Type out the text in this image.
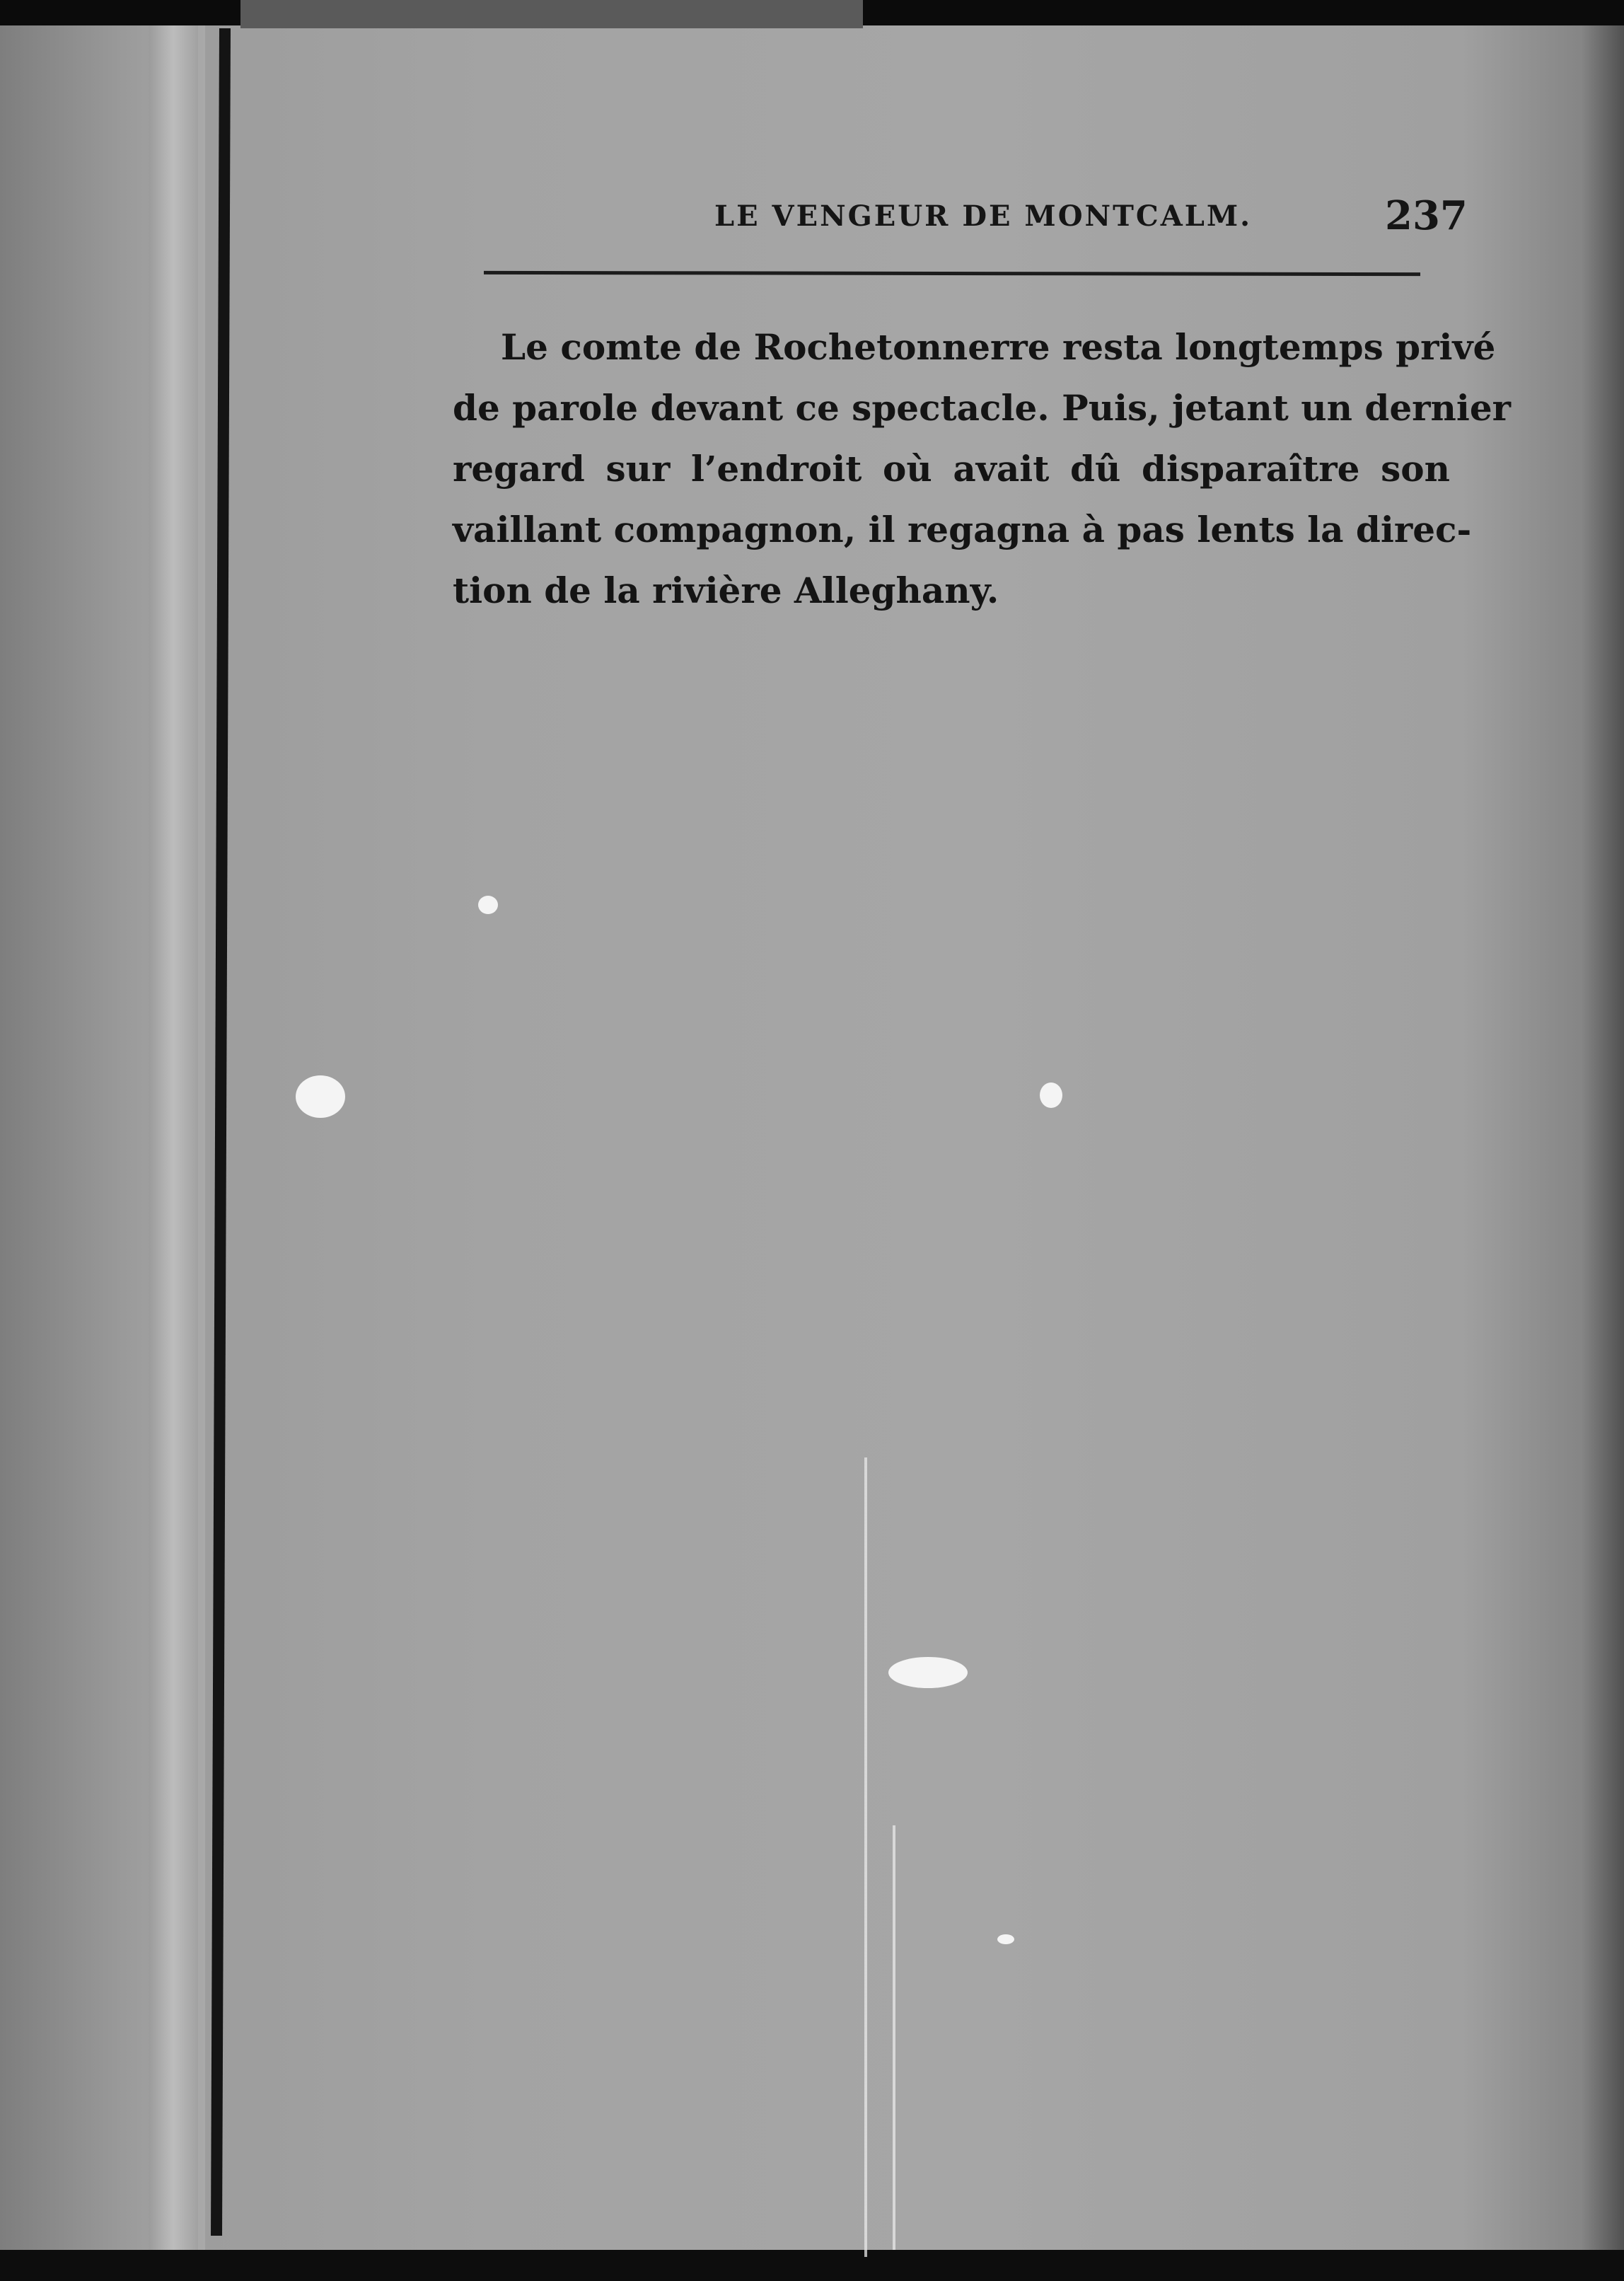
LE VENGEUR DE MONTCALM.	237
Le comte de Rochetonnerre resta longtemps privé
de parole devant ce spectacle. Puis, jetant un dernier
regard sur l’endroit où avait dû disparaître son
vaillant compagnon, il regagna à pas lents la direc-
tion de la rivière Alleghany.
